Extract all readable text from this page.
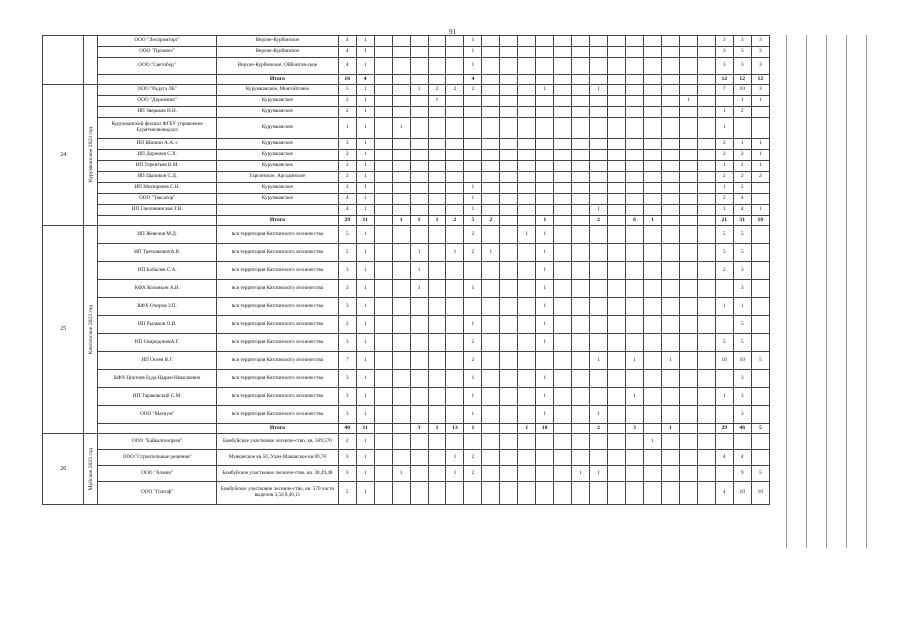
91

	ООО "Леспромторг"	Верхне-Курбинское	4	1						1														3	3	3
		ООО "Промлес"	Верхне-Курбинское	4	1						1														3	3	3
		ООО "Светобор"	Верхне-Курбинское, Ойбонтов-ское	4	1						1														3	3	3
			Итого	16	4						4														12	12	12
24	Курумканское 2023 год	ООО "Радуга ЛБ"	Курумканское, Монгойтовое	5	1			1	2	2	2				1			1							7	10	3
		ООО "Дорожник"	Курумканское	2	1				1														1			1	1
		ИП Зверьков И.И.	Курумканское	2	1																				1	2	
		Курумканский филиал ФГБУ управление Бурятмелиоводхоз	Курумканское	1	1		1																		1		
		ИП Шишин А.А. с	Курумканское	3	1																				2	1	1
		ИП Доржиев С.Х.	Курумканское	2	1																				2	2	1
		ИП Терентьев В.М.	Курумканское	2	1																				1	2	1
		ИП Цыпиков С.Д.	Гаргинское, Аргадинское	2	1																				2	2	2
		ИП Мисюркеев С.Н.	Курумканское	2	1						1														1	2	
		ООО "Таксатор"	Курумканское	4	1						1														2	4	
		ИП Смолянинская Т.В.		4	1						1							1							1	4	1
			Итого	29	11		1	1	1	2	5	2			1			2		6	1				21	31	10
25	Кяхтинское 2023 год	ИП Жевелов М.Д.	вся территория Кяхтинского лесничества	5	1						2			1	1										5	5	
		ИП ТретьяковичА.В.	вся территория Кяхтинского лесничества	5	1			1		1	2	1			1										5	5	
		ИП Бобылев С.А.	вся территория Кяхтинского лесничества	3	1			1							1										2	3	
		КФХ Коловкин А.В.	вся территория Кяхтинского лесничества	3	1			1			1				1											3	
		КФХ Очиров З.П.	вся территория Кяхтинского лесничества	3	1										1										1	1	
		ИП Рыльков О.В.	вся территория Кяхтинского лесничества	2	1						1				1											5	
		ИП СвиридоновА.Г.	вся территория Кяхтинского лесничества	3	1						2				1										5	5	
		ИП Осеев В.Г.	вся территория Кяхтинского лесничества	7	1						2							1		1		1			10	10	5
		КФХ Цоктоев Буда-Цырен Николаевич	вся территория Кяхтинского лесничества	3	1						1				1											3	
		ИП Тараковский С.М.	вся территория Кяхтинского лесничества	3	1						1				1					1					1	3	
		ООО "Магнум"	вся территория Кяхтинского лесничества	3	1						1				1			1								3	
			Итого	40	11			3	1	13	1			1	10			2		3		1			29	46	5
26	Муйское 2023 год	ООО "Байкалгеопром"	Бамбуйское участковое лесниче-ство, кв. 569,570	2	1																1						
		ООО "Строительные решения"	Муяканское кв.50, Улан-Маканское кв.69,70	3	1					1	2														4	4	
		ООО "Алмин"	Бамбуйское участковое лесниче-ство, кв. 38,49,48	3	1		1			1	2						1	1								9	5
		ООО "Голгоф"	Бамбуйское участковое лесниче-ство, кв. 570 части выделов 3,56,9,40,11	5	1																				4	10	10
